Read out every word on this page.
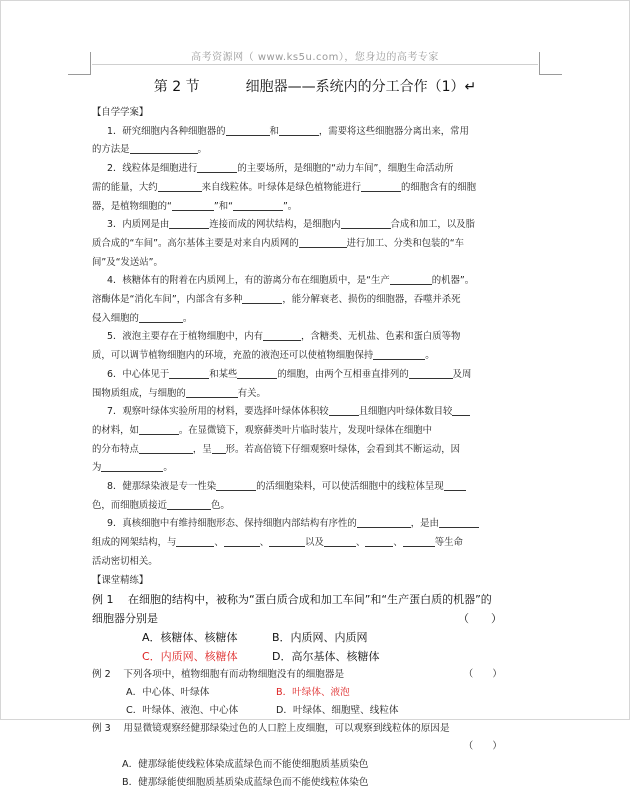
高考资源网（ www.ks5u.com），您身边的高考专家
第 2 节	细胞器——系统内的分工合作（1）↵

【自学学案】

1．研究细胞内各种细胞器的	和	，需要将这些细胞器分离出来，常用
的方法是	。

2．线粒体是细胞进行	的主要场所，是细胞的“动力车间”，细胞生命活动所
需的能量，大约	来自线粒体。叶绿体是绿色植物能进行	的细胞含有的细胞
器，是植物细胞的“	”和“	”。

3．内质网是由	连接而成的网状结构，是细胞内	合成和加工，以及脂
质合成的“车间”。高尔基体主要是对来自内质网的	进行加工、分类和包装的“车
间”及“发送站”。

4．核糖体有的附着在内质网上，有的游离分布在细胞质中，是“生产	的机器”。
溶酶体是“消化车间”，内部含有多种	，能分解衰老、损伤的细胞器，吞噬并杀死
侵入细胞的	。

5．液泡主要存在于植物细胞中，内有	，含糖类、无机盐、色素和蛋白质等物
质，可以调节植物细胞内的环境，充盈的液泡还可以使植物细胞保持	。

6．中心体见于	和某些	的细胞，由两个互相垂直排列的	及周
围物质组成，与细胞的	有关。

7．观察叶绿体实验所用的材料，要选择叶绿体体积较	且细胞内叶绿体数目较
的材料，如	。在显微镜下，观察藓类叶片临时装片，发现叶绿体在细胞中
的分布特点	，呈 形。若高倍镜下仔细观察叶绿体，会看到其不断运动，因
为	。

8．健那绿染液是专一性染	的活细胞染料，可以使活细胞中的线粒体呈现
色，而细胞质接近	色。

9．真核细胞中有维持细胞形态、保持细胞内部结构有序性的	，是由
组成的网架结构，与	、	、	以及	、	、	等生命
活动密切相关。

【课堂精练】

例 1　 在细胞的结构中，被称为“蛋白质合成和加工车间”和“生产蛋白质的机器”的
细胞器分别是	（　　）
A．核糖体、核糖体	B．内质网、内质网
C．内质网、核糖体	D．高尔基体、核糖体
例 2　 下列各项中，植物细胞有而动物细胞没有的细胞器是	（　　）
A．中心体、叶绿体	B．叶绿体、液泡
C．叶绿体、液泡、中心体	D．叶绿体、细胞壁、线粒体
例 3　 用显微镜观察经健那绿染过色的人口腔上皮细胞，可以观察到线粒体的原因是
（　　）
A．健那绿能使线粒体染成蓝绿色而不能使细胞质基质染色
B．健那绿能使细胞质基质染成蓝绿色而不能使线粒体染色
